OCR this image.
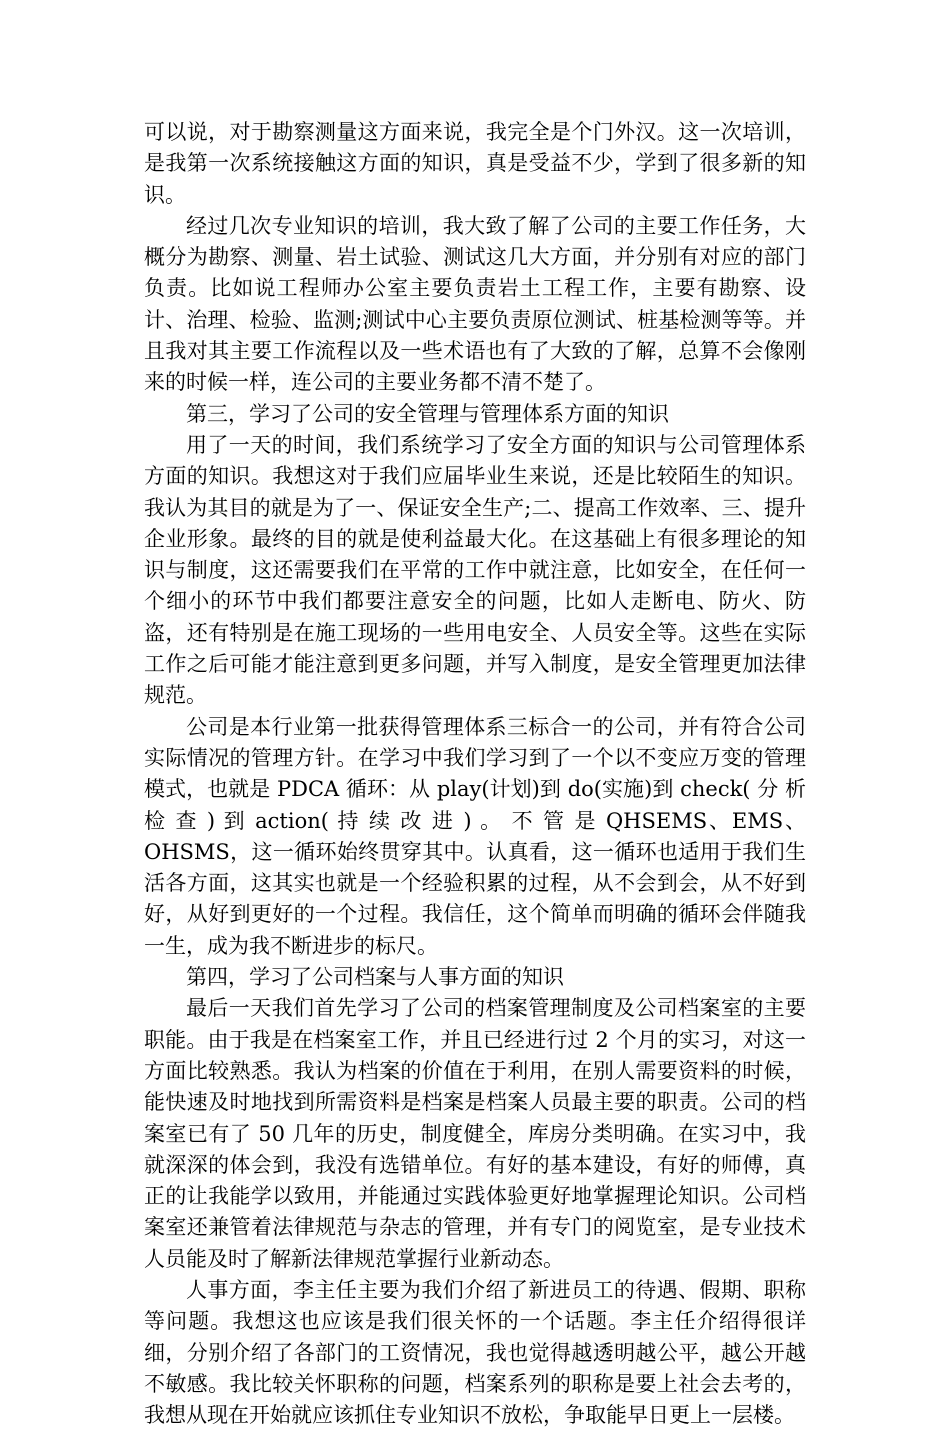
可以说，对于勘察测量这方面来说，我完全是个门外汉。这一次培训，是我第一次系统接触这方面的知识，真是受益不少，学到了很多新的知识。

经过几次专业知识的培训，我大致了解了公司的主要工作任务，大概分为勘察、测量、岩土试验、测试这几大方面，并分别有对应的部门负责。比如说工程师办公室主要负责岩土工程工作，主要有勘察、设计、治理、检验、监测;测试中心主要负责原位测试、桩基检测等等。并且我对其主要工作流程以及一些术语也有了大致的了解，总算不会像刚来的时候一样，连公司的主要业务都不清不楚了。

第三，学习了公司的安全管理与管理体系方面的知识

用了一天的时间，我们系统学习了安全方面的知识与公司管理体系方面的知识。我想这对于我们应届毕业生来说，还是比较陌生的知识。我认为其目的就是为了一、保证安全生产;二、提高工作效率、三、提升企业形象。最终的目的就是使利益最大化。在这基础上有很多理论的知识与制度，这还需要我们在平常的工作中就注意，比如安全，在任何一个细小的环节中我们都要注意安全的问题，比如人走断电、防火、防盗，还有特别是在施工现场的一些用电安全、人员安全等。这些在实际工作之后可能才能注意到更多问题，并写入制度，是安全管理更加法律规范。

公司是本行业第一批获得管理体系三标合一的公司，并有符合公司实际情况的管理方针。在学习中我们学习到了一个以不变应万变的管理模式，也就是 PDCA 循环：从 play(计划)到 do(实施)到 check( 分 析 检 查 ) 到 action( 持 续 改 进 ) 。 不 管 是 QHSEMS、EMS、OHSMS，这一循环始终贯穿其中。认真看，这一循环也适用于我们生活各方面，这其实也就是一个经验积累的过程，从不会到会，从不好到好，从好到更好的一个过程。我信任，这个简单而明确的循环会伴随我一生，成为我不断进步的标尺。

第四，学习了公司档案与人事方面的知识

最后一天我们首先学习了公司的档案管理制度及公司档案室的主要职能。由于我是在档案室工作，并且已经进行过 2 个月的实习，对这一方面比较熟悉。我认为档案的价值在于利用，在别人需要资料的时候，能快速及时地找到所需资料是档案是档案人员最主要的职责。公司的档案室已有了 50 几年的历史，制度健全，库房分类明确。在实习中，我就深深的体会到，我没有选错单位。有好的基本建设，有好的师傅，真正的让我能学以致用，并能通过实践体验更好地掌握理论知识。公司档案室还兼管着法律规范与杂志的管理，并有专门的阅览室，是专业技术人员能及时了解新法律规范掌握行业新动态。

人事方面，李主任主要为我们介绍了新进员工的待遇、假期、职称等问题。我想这也应该是我们很关怀的一个话题。李主任介绍得很详细，分别介绍了各部门的工资情况，我也觉得越透明越公平，越公开越不敏感。我比较关怀职称的问题，档案系列的职称是要上社会去考的，我想从现在开始就应该抓住专业知识不放松，争取能早日更上一层楼。
